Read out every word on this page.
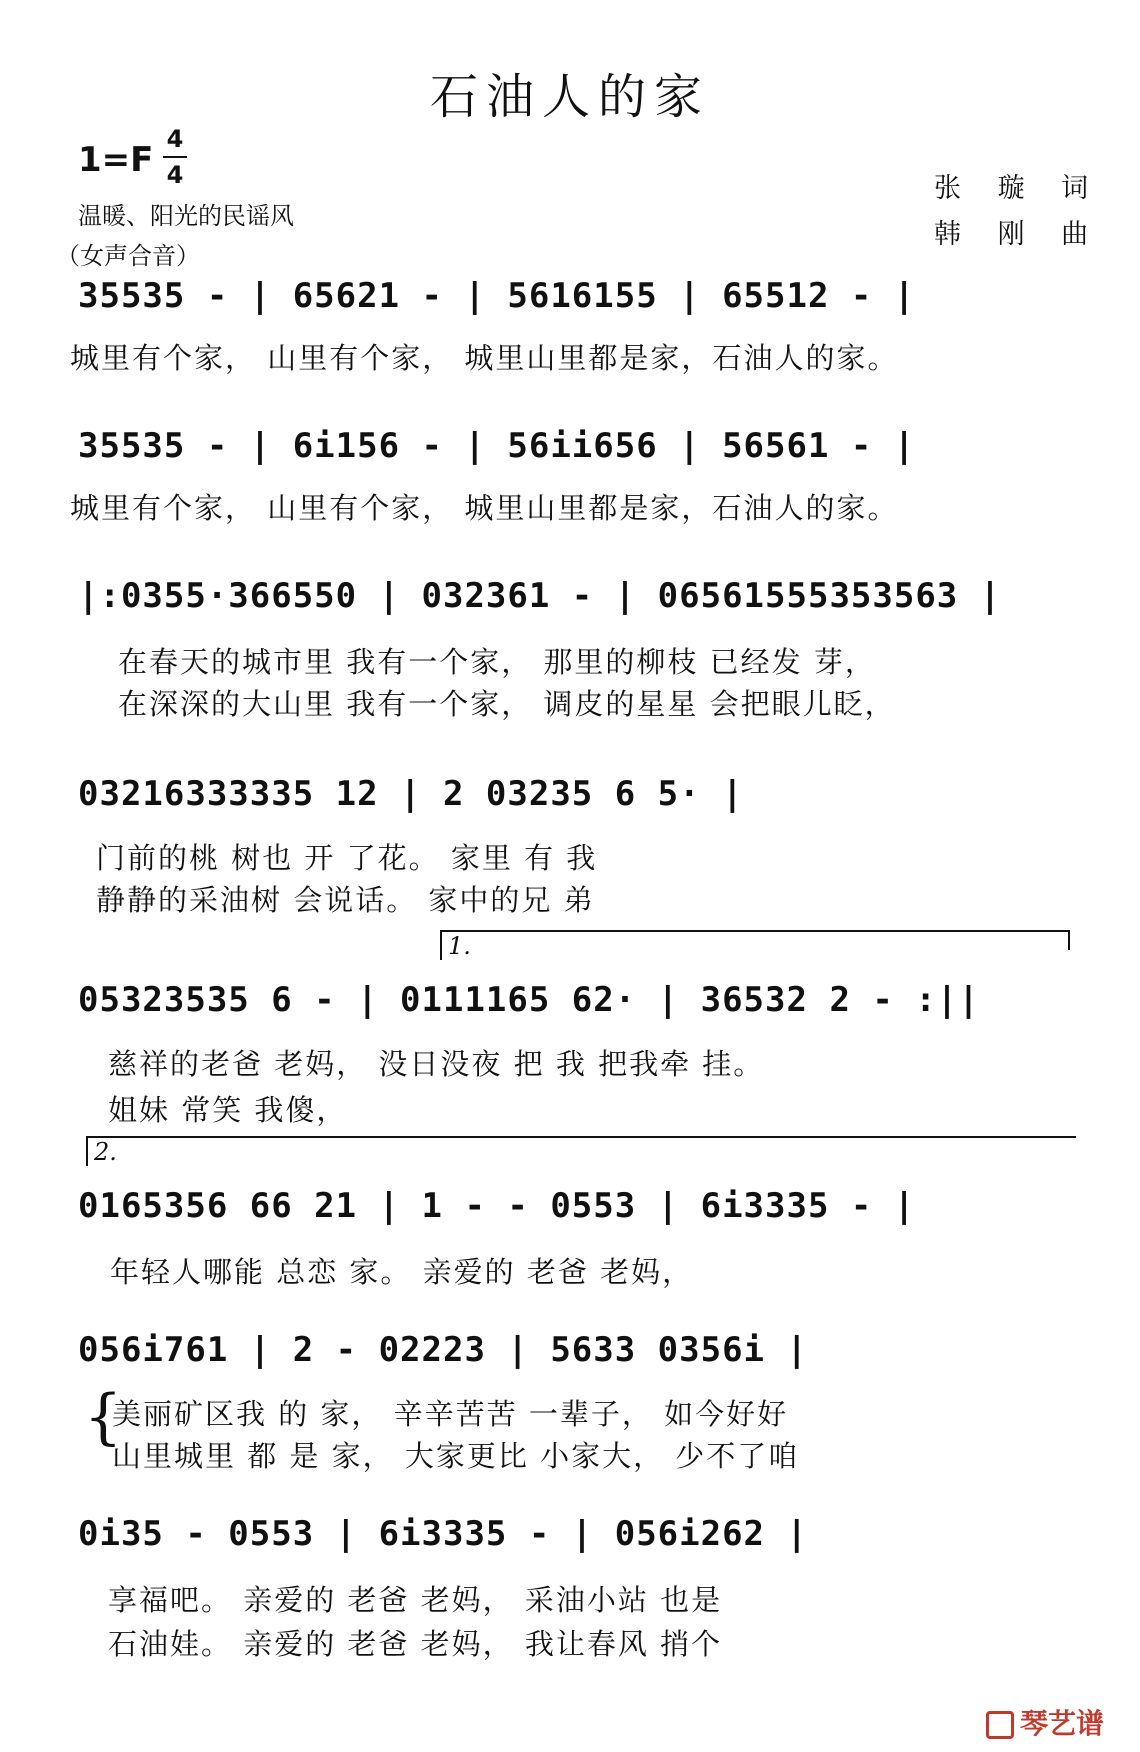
石油人的家
1=F
4
4
温暖、阳光的民谣风
（女声合音）
张 璇 词
韩 刚 曲
35535 - | 65621 - | 5616155 | 65512 - |
城里有个家， 山里有个家， 城里山里都是家，石油人的家。
35535 - | 6i156 - | 56ii656 | 56561 - |
城里有个家， 山里有个家， 城里山里都是家，石油人的家。
|:0355·366550 | 032361 - | 06561555353563 |
在春天的城市里 我有一个家， 那里的柳枝 已经发 芽，
在深深的大山里 我有一个家， 调皮的星星 会把眼儿眨，
03216333335 12 | 2 03235 6 5· |
门前的桃 树也 开 了花。 家里 有 我
静静的采油树 会说话。 家中的兄 弟
1.
05323535 6 - | 0111165 62· | 36532 2 - :||
慈祥的老爸 老妈， 没日没夜 把 我 把我牵 挂。
姐妹 常笑 我傻，
2.
0165356 66 21 | 1 - - 0553 | 6i3335 - |
年轻人哪能 总恋 家。 亲爱的 老爸 老妈，
056i761 | 2 - 02223 | 5633 0356i |
{
美丽矿区我 的 家， 辛辛苦苦 一辈子， 如今好好
山里城里 都 是 家， 大家更比 小家大， 少不了咱
0i35 - 0553 | 6i3335 - | 056i262 |
享福吧。 亲爱的 老爸 老妈， 采油小站 也是
石油娃。 亲爱的 老爸 老妈， 我让春风 捎个
琴艺谱
